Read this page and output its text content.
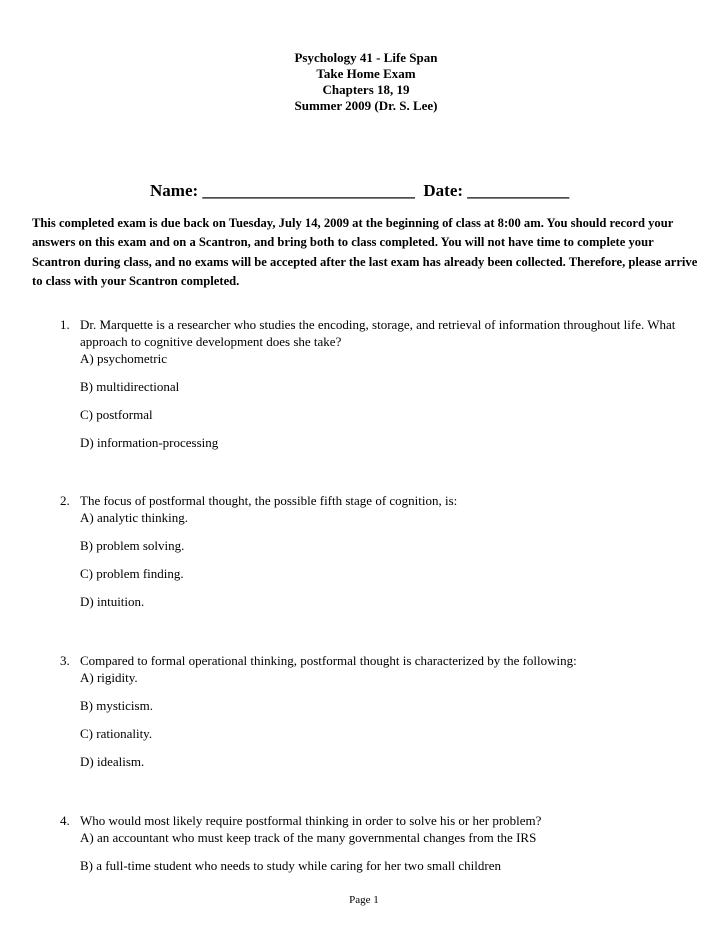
Psychology 41 - Life Span
Take Home Exam
Chapters 18, 19
Summer 2009 (Dr. S. Lee)
Name: _________________________  Date: ____________
This completed exam is due back on Tuesday, July 14, 2009 at the beginning of class at 8:00 am. You should record your answers on this exam and on a Scantron, and bring both to class completed. You will not have time to complete your Scantron during class, and no exams will be accepted after the last exam has already been collected. Therefore, please arrive to class with your Scantron completed.
1. Dr. Marquette is a researcher who studies the encoding, storage, and retrieval of information throughout life. What approach to cognitive development does she take?
A) psychometric
B) multidirectional
C) postformal
D) information-processing
2. The focus of postformal thought, the possible fifth stage of cognition, is:
A) analytic thinking.
B) problem solving.
C) problem finding.
D) intuition.
3. Compared to formal operational thinking, postformal thought is characterized by the following:
A) rigidity.
B) mysticism.
C) rationality.
D) idealism.
4. Who would most likely require postformal thinking in order to solve his or her problem?
A) an accountant who must keep track of the many governmental changes from the IRS
B) a full-time student who needs to study while caring for her two small children
Page 1
